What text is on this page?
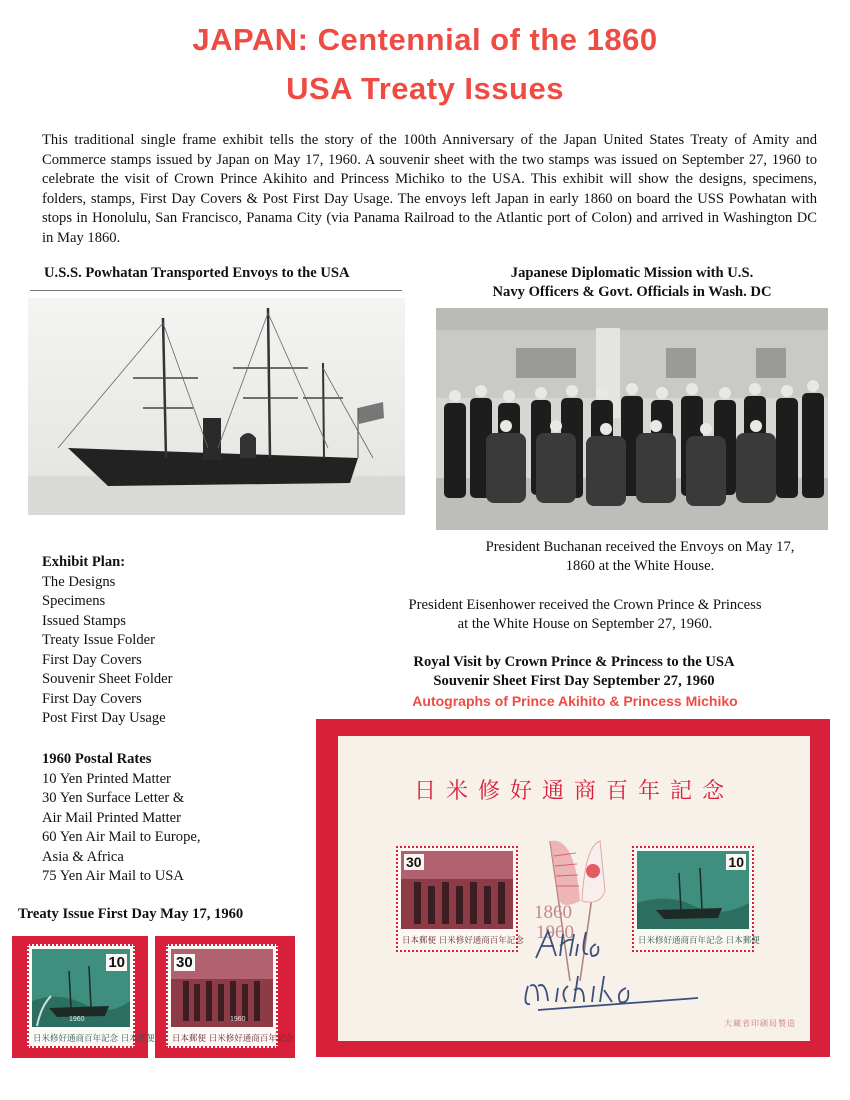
JAPAN: Centennial of the 1860
USA Treaty Issues

This traditional single frame exhibit tells the story of the 100th Anniversary of the Japan United States Treaty of Amity and Commerce stamps issued by Japan on May 17, 1960. A souvenir sheet with the two stamps was issued on September 27, 1960 to celebrate the visit of Crown Prince Akihito and Princess Michiko to the USA. This exhibit will show the designs, specimens, folders, stamps, First Day Covers & Post First Day Usage. The envoys left Japan in early 1860 on board the USS Powhatan with stops in Honolulu, San Francisco, Panama City (via Panama Railroad to the Atlantic port of Colon) and arrived in Washington DC in May 1860.

U.S.S. Powhatan Transported Envoys to the USA	Japanese Diplomatic Mission with U.S.
Navy Officers & Govt. Officials in Wash. DC
President Buchanan received the Envoys on May 17,
1860 at the White House.
President Eisenhower received the Crown Prince & Princess
at the White House on September 27, 1960.
Royal Visit by Crown Prince & Princess to the USA
Souvenir Sheet First Day September 27, 1960
Autographs of Prince Akihito & Princess Michiko
Exhibit Plan:
The Designs
Specimens
Issued Stamps
Treaty Issue Folder
First Day Covers
Souvenir Sheet Folder
First Day Covers
Post First Day Usage
1960 Postal Rates
10 Yen Printed Matter
30 Yen Surface Letter &
Air Mail Printed Matter
60 Yen Air Mail to Europe,
Asia & Africa
75 Yen Air Mail to USA
Treaty Issue First Day May 17, 1960
10
1960
日米修好通商百年記念 日本郵便
30
1960
日本郵便 日米修好通商百年記念
日米修好通商百年記念
1860
1960
30
日本郵便 日米修好通商百年記念
10
日米修好通商百年記念 日本郵便
大蔵省印刷局製造
